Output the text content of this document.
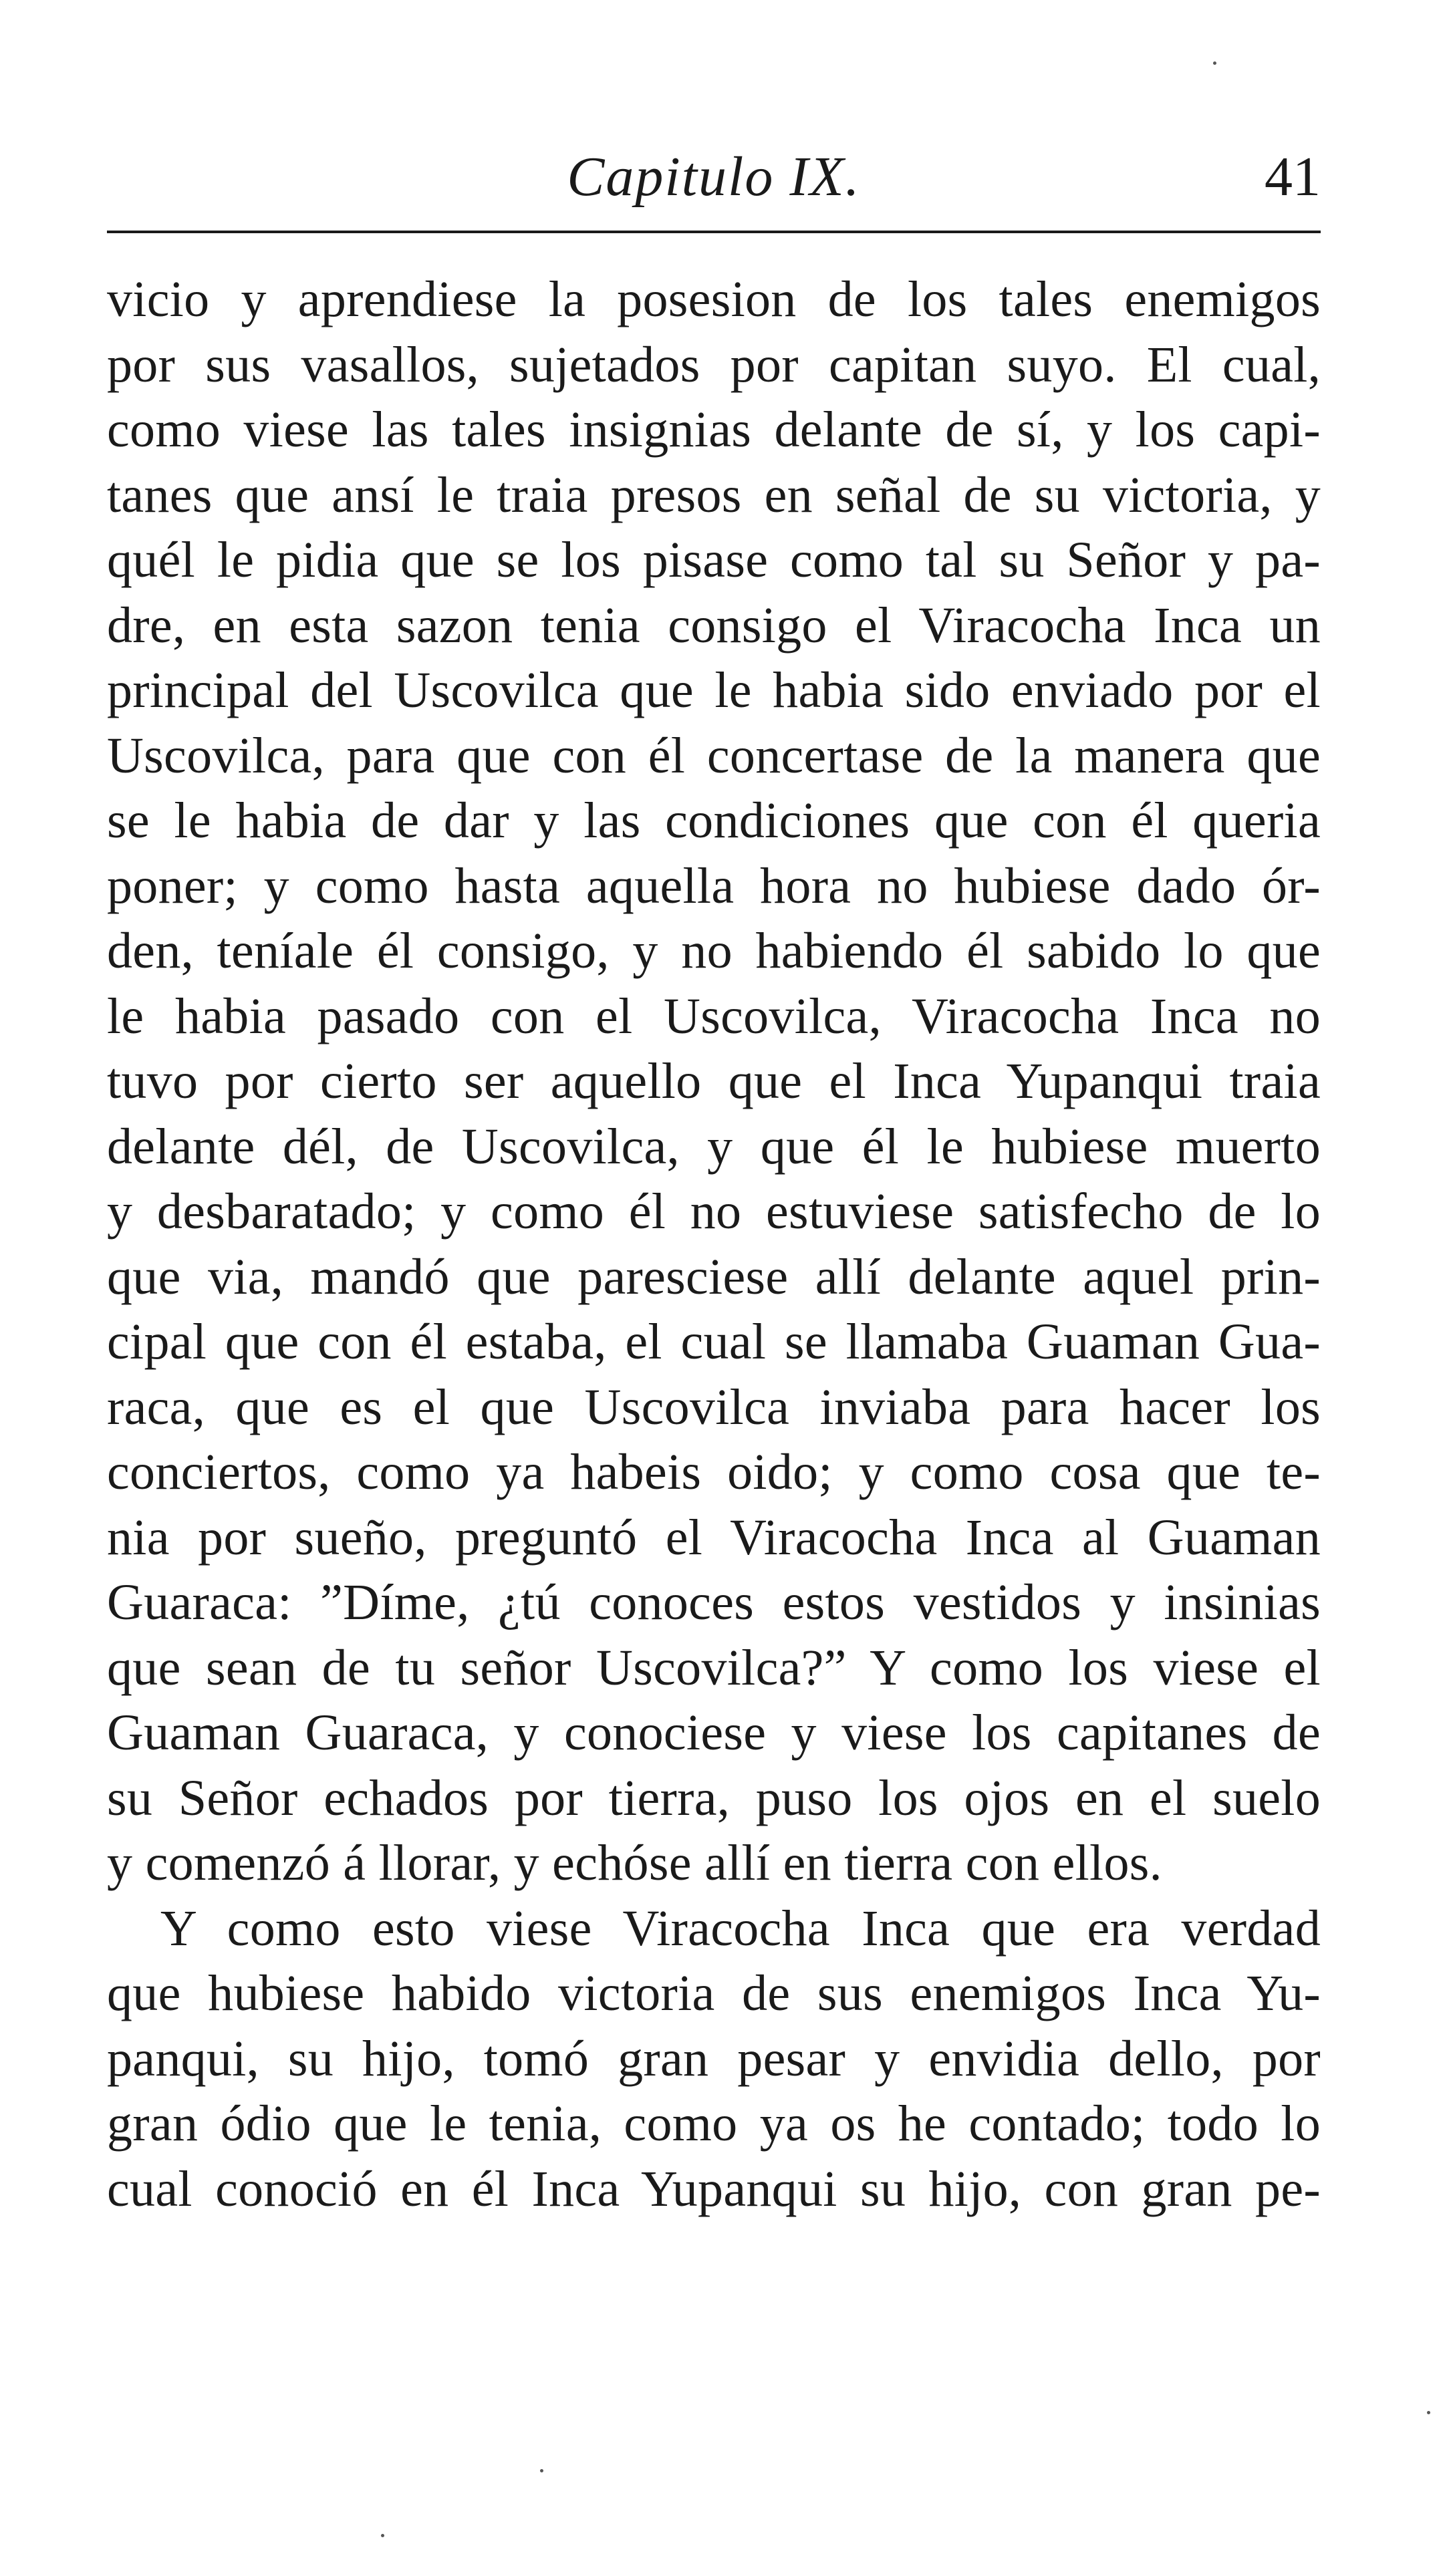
Capitulo IX.	41
vicio y aprendiese la posesion de los tales enemigos
por sus vasallos, sujetados por capitan suyo. El cual,
como viese las tales insignias delante de sí, y los capi-
tanes que ansí le traia presos en señal de su victoria, y
quél le pidia que se los pisase como tal su Señor y pa-
dre, en esta sazon tenia consigo el Viracocha Inca un
principal del Uscovilca que le habia sido enviado por el
Uscovilca, para que con él concertase de la manera que
se le habia de dar y las condiciones que con él queria
poner; y como hasta aquella hora no hubiese dado ór-
den, teníale él consigo, y no habiendo él sabido lo que
le habia pasado con el Uscovilca, Viracocha Inca no
tuvo por cierto ser aquello que el Inca Yupanqui traia
delante dél, de Uscovilca, y que él le hubiese muerto
y desbaratado; y como él no estuviese satisfecho de lo
que via, mandó que paresciese allí delante aquel prin-
cipal que con él estaba, el cual se llamaba Guaman Gua-
raca, que es el que Uscovilca inviaba para hacer los
conciertos, como ya habeis oido; y como cosa que te-
nia por sueño, preguntó el Viracocha Inca al Guaman
Guaraca: ”Díme, ¿tú conoces estos vestidos y insinias
que sean de tu señor Uscovilca?” Y como los viese el
Guaman Guaraca, y conociese y viese los capitanes de
su Señor echados por tierra, puso los ojos en el suelo
y comenzó á llorar, y echóse allí en tierra con ellos.
Y como esto viese Viracocha Inca que era verdad
que hubiese habido victoria de sus enemigos Inca Yu-
panqui, su hijo, tomó gran pesar y envidia dello, por
gran ódio que le tenia, como ya os he contado; todo lo
cual conoció en él Inca Yupanqui su hijo, con gran pe-
